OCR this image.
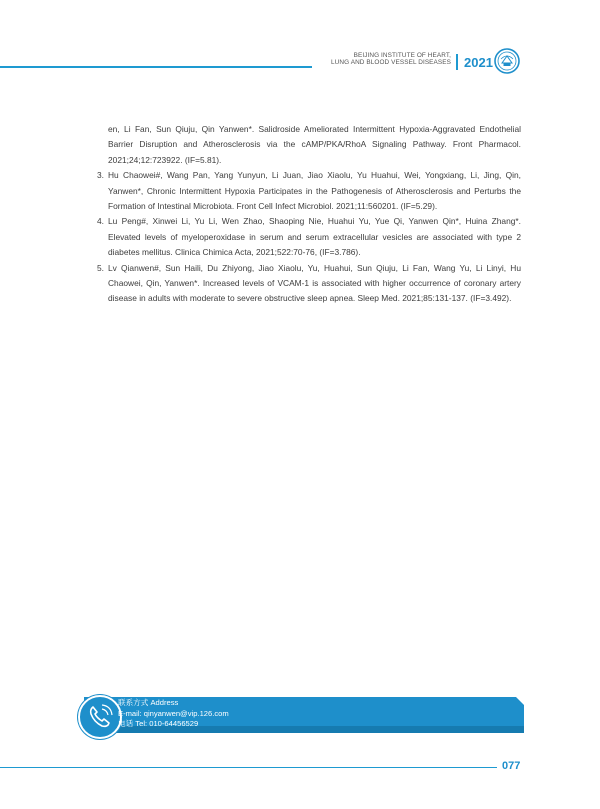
BEIJING INSTITUTE OF HEART,
LUNG AND BLOOD VESSEL DISEASES 2021

en, Li Fan, Sun Qiuju, Qin Yanwen*. Salidroside Ameliorated Intermittent Hypoxia-Aggravated Endothelial Barrier Disruption and Atherosclerosis via the cAMP/PKA/RhoA Signaling Pathway. Front Pharmacol. 2021;24;12:723922. (IF=5.81).

3. Hu Chaowei#, Wang Pan, Yang Yunyun, Li Juan, Jiao Xiaolu, Yu Huahui, Wei, Yongxiang, Li, Jing, Qin, Yanwen*, Chronic Intermittent Hypoxia Participates in the Pathogenesis of Atherosclerosis and Perturbs the Formation of Intestinal Microbiota. Front Cell Infect Microbiol. 2021;11:560201. (IF=5.29).

4. Lu Peng#, Xinwei Li, Yu Li, Wen Zhao, Shaoping Nie, Huahui Yu, Yue Qi, Yanwen Qin*, Huina Zhang*. Elevated levels of myeloperoxidase in serum and serum extracellular vesicles are associated with type 2 diabetes mellitus. Clinica Chimica Acta, 2021;522:70-76, (IF=3.786).

5. Lv Qianwen#, Sun Haili, Du Zhiyong, Jiao Xiaolu, Yu, Huahui, Sun Qiuju, Li Fan, Wang Yu, Li Linyi, Hu Chaowei, Qin, Yanwen*. Increased levels of VCAM-1 is associated with higher occurrence of coronary artery disease in adults with moderate to severe obstructive sleep apnea. Sleep Med. 2021;85:131-137. (IF=3.492).

联系方式 Address
E-mail: qinyanwen@vip.126.com
电话 Tel: 010-64456529
077
